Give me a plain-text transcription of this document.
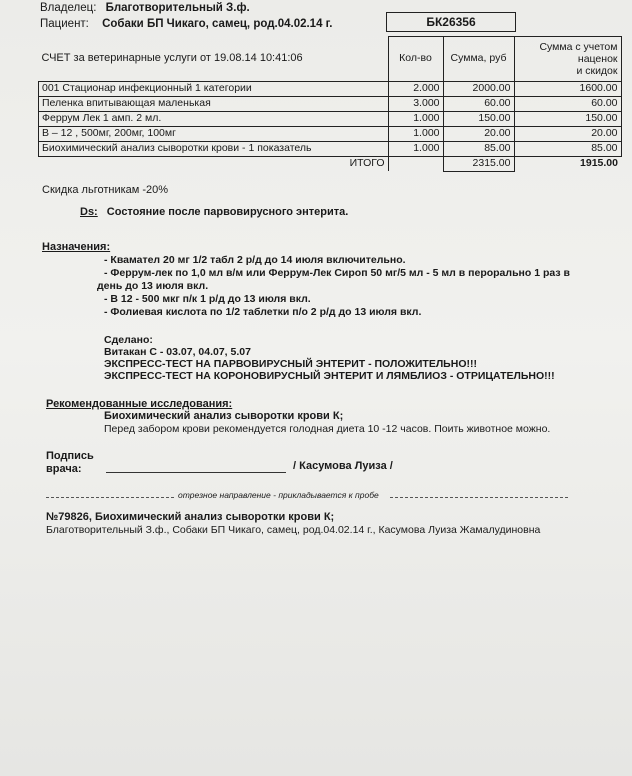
Владелец: Благотворительный З.ф.
Пациент: Собаки БП Чикаго, самец, род.04.02.14 г.	БК26356
СЧЕТ за ветеринарные услуги от 19.08.14 10:41:06	Кол-во	Сумма, руб	Сумма с учетом
наценок
и скидок

001 Стационар инфекционный 1 категории	2.000	2000.00	1600.00
Пеленка впитывающая маленькая	3.000	60.00	60.00
Феррум Лек 1 амп. 2 мл.	1.000	150.00	150.00
В – 12 , 500мг, 200мг, 100мг	1.000	20.00	20.00
Биохимический анализ сыворотки крови - 1 показатель	1.000	85.00	85.00
ИТОГО		2315.00	1915.00
Скидка льготникам -20%
Ds: Состояние после парвовирусного энтерита.
Назначения:
- Квамател 20 мг 1/2 табл 2 р/д до 14 июля включительно.
- Феррум-лек по 1,0 мл в/м или Феррум-Лек Сироп 50 мг/5 мл - 5 мл в перорально 1 раз в
день до 13 июля вкл.
- В 12 - 500 мкг п/к 1 р/д до 13 июля вкл.
- Фолиевая кислота по 1/2 таблетки п/о 2 р/д до 13 июля вкл.
Сделано:
Витакан С - 03.07, 04.07, 5.07
ЭКСПРЕСС-ТЕСТ НА ПАРВОВИРУСНЫЙ ЭНТЕРИТ - ПОЛОЖИТЕЛЬНО!!!
ЭКСПРЕСС-ТЕСТ НА КОРОНОВИРУСНЫЙ ЭНТЕРИТ И ЛЯМБЛИОЗ - ОТРИЦАТЕЛЬНО!!!
Рекомендованные исследования:
Биохимический анализ сыворотки крови К;
Перед забором крови рекомендуется голодная диета 10 -12 часов. Поить животное можно.
Подпись
врача:	/ Касумова Луиза /
отрезное направление - прикладывается к пробе
№79826, Биохимический анализ сыворотки крови К;
Благотворительный З.ф., Собаки БП Чикаго, самец, род.04.02.14 г., Касумова Луиза Жамалудиновна
